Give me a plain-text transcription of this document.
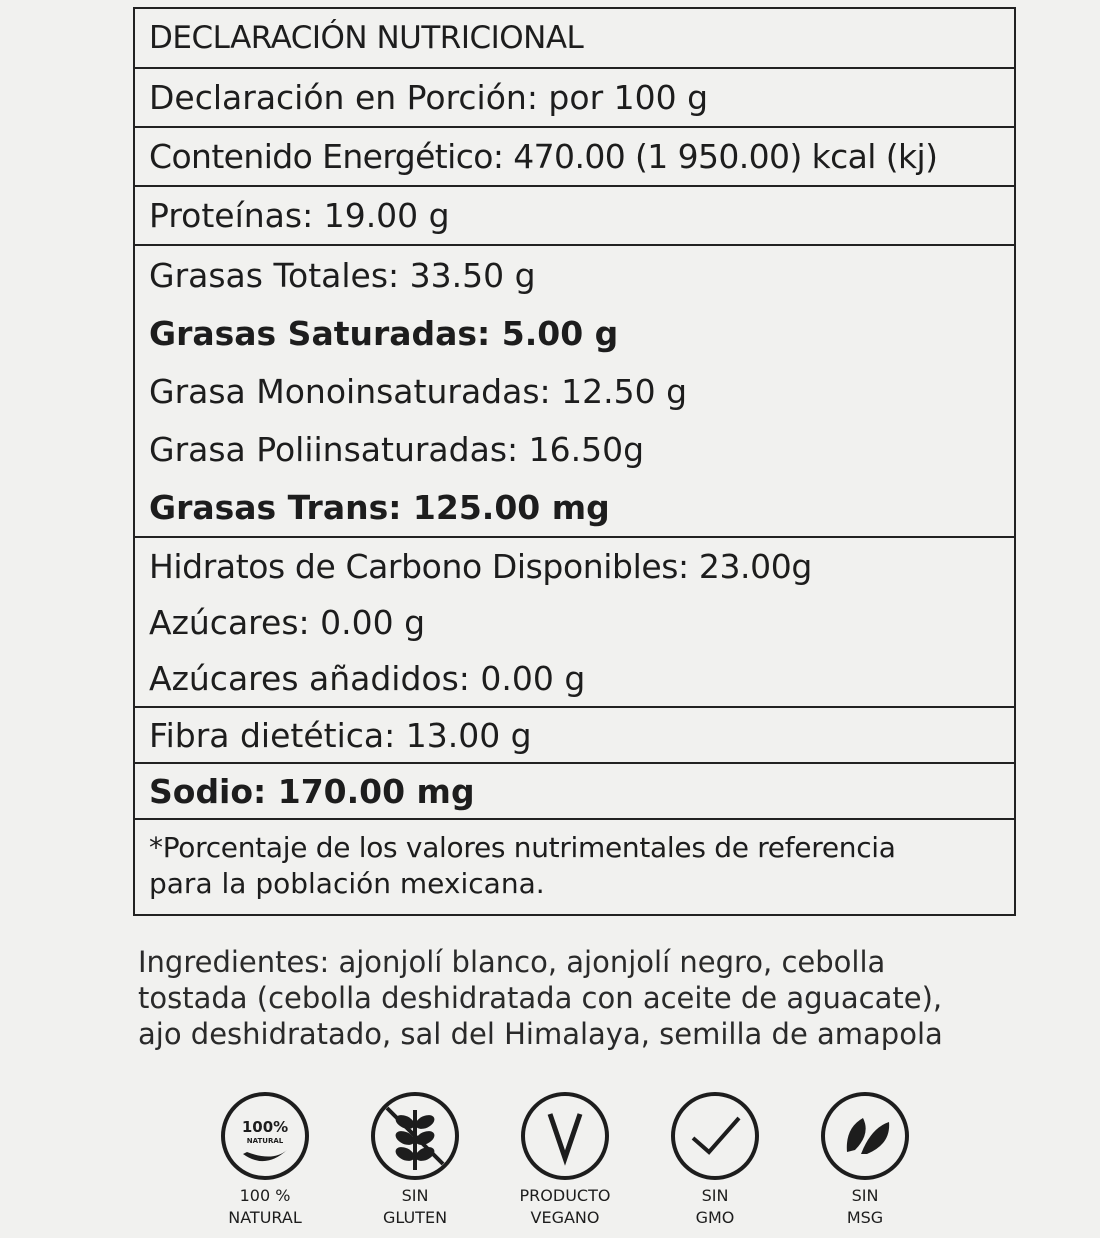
DECLARACIÓN NUTRICIONAL
Declaración en Porción: por 100 g
Contenido Energético: 470.00 (1 950.00) kcal (kj)
Proteínas: 19.00 g
Grasas Totales: 33.50 g
Grasas Saturadas: 5.00 g
Grasa Monoinsaturadas: 12.50 g
Grasa Poliinsaturadas: 16.50g
Grasas Trans: 125.00 mg
Hidratos de Carbono Disponibles: 23.00g
Azúcares: 0.00 g
Azúcares añadidos: 0.00 g
Fibra dietética: 13.00 g
Sodio: 170.00 mg
*Porcentaje de los valores nutrimentales de referencia
para la población mexicana.
Ingredientes: ajonjolí blanco, ajonjolí negro, cebolla
tostada (cebolla deshidratada con aceite de aguacate),
ajo deshidratado, sal del Himalaya, semilla de amapola
100%
NATURAL
100 %
NATURAL
SIN
GLUTEN
PRODUCTO
VEGANO
SIN
GMO
SIN
MSG
